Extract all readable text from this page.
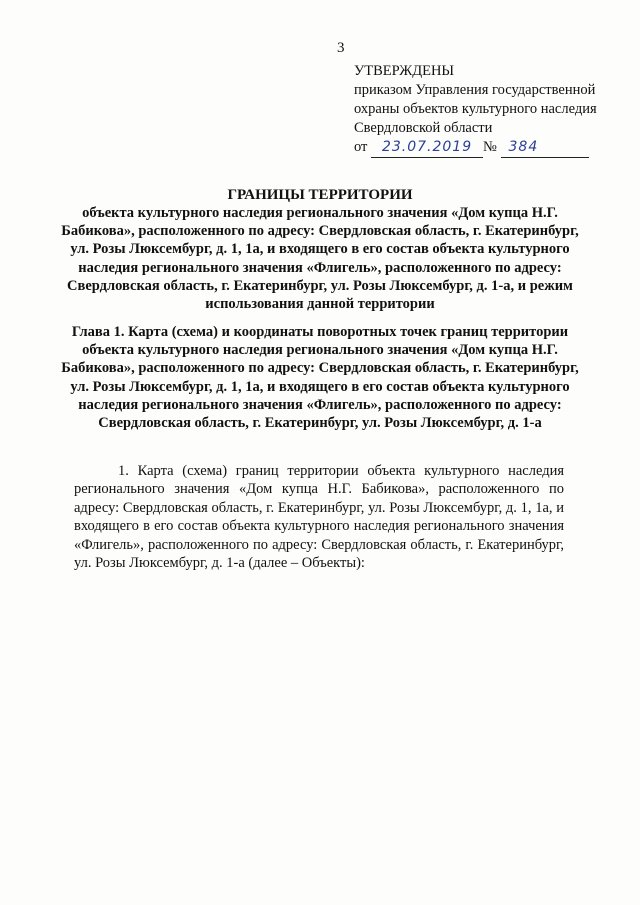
3
УТВЕРЖДЕНЫ
приказом Управления государственной
охраны объектов культурного наследия
Свердловской области
от 23.07.2019 № 384
ГРАНИЦЫ ТЕРРИТОРИИ
объекта культурного наследия регионального значения «Дом купца Н.Г. Бабикова», расположенного по адресу: Свердловская область, г. Екатеринбург, ул. Розы Люксембург, д. 1, 1а, и входящего в его состав объекта культурного наследия регионального значения «Флигель», расположенного по адресу: Свердловская область, г. Екатеринбург, ул. Розы Люксембург, д. 1-а, и режим использования данной территории
Глава 1. Карта (схема) и координаты поворотных точек границ территории объекта культурного наследия регионального значения «Дом купца Н.Г. Бабикова», расположенного по адресу: Свердловская область, г. Екатеринбург, ул. Розы Люксембург, д. 1, 1а, и входящего в его состав объекта культурного наследия регионального значения «Флигель», расположенного по адресу: Свердловская область, г. Екатеринбург, ул. Розы Люксембург, д. 1-а
1. Карта (схема) границ территории объекта культурного наследия регионального значения «Дом купца Н.Г. Бабикова», расположенного по адресу: Свердловская область, г. Екатеринбург, ул. Розы Люксембург, д. 1, 1а, и входящего в его состав объекта культурного наследия регионального значения «Флигель», расположенного по адресу: Свердловская область, г. Екатеринбург, ул. Розы Люксембург, д. 1-а (далее – Объекты):
